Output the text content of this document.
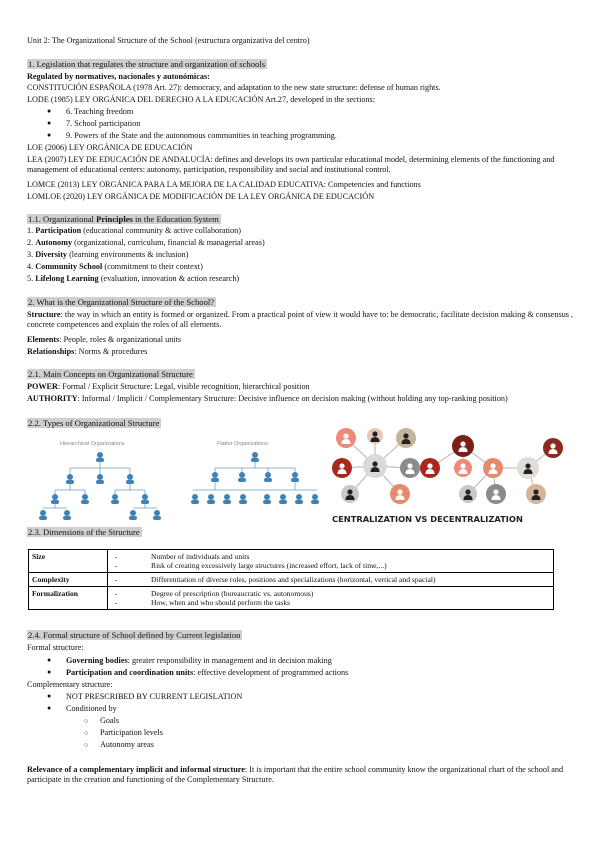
Unit 2: The Organizational Structure of the School (estructura organizativa del centro)
1. Legislation that regulates the structure and organization of schools
Regulated by normatives, nacionales y autonómicas:
CONSTITUCIÓN ESPAÑOLA (1978 Art. 27): democracy, and adaptation to the new state structure: defense of human rights.
LODE (1985) LEY ORGÁNICA DEL DERECHO A LA EDUCACIÓN Art.27, developed in the sections:
● 6. Teaching freedom
● 7. School participation
● 9. Powers of the State and the autonomous communities in teaching programming.
LOE (2006) LEY ORGÁNICA DE EDUCACIÓN
LEA (2007) LEY DE EDUCACIÓN DE ANDALUCÍA: defines and develops its own particular educational model, determining elements of the functioning and management of educational centers: autonomy, participation, responsibility and social and institutional control.
LOMCE (2013) LEY ORGÁNICA PARA LA MEJORA DE LA CALIDAD EDUCATIVA: Competencies and functions
LOMLOE (2020) LEY ORGÁNICA DE MODIFICACIÓN DE LA LEY ORGÁNICA DE EDUCACIÓN
1.1. Organizational Principles in the Education System
1. Participation (educational community & active collaboration)
2. Autonomy (organizational, curriculum, financial & managerial areas)
3. Diversity (learning environments & inclusion)
4. Community School (commitment to their context)
5. Lifelong Learning (evaluation, innovation & action research)
2. What is the Organizational Structure of the School?
Structure: the way in which an entity is formed or organized. From a practical point of view it would have to: be democratic, facilitate decision making & consensus , concrete competences and explain the roles of all elements.
Elements: People, roles & organizational units
Relationships: Norms & procedures
2.1. Main Concepts on Organizational Structure
POWER: Formal / Explicit Structure: Legal, visible recognition, hierarchical position
AUTHORITY: Informal / Implicit / Complementary Structure: Decisive influence on decision making (without holding any top-ranking position)
2.2. Types of Organizational Structure
Hierarchical Organizations	Flatter Organizations
CENTRALIZATION VS DECENTRALIZATION
2.3. Dimensions of the Structure
Size	- Number of individuals and units
- Risk of creating excessively large structures (increased effort, lack of time,...)

Complexity	- Differentiation of diverse roles, positions and specializations (horizontal, vertical and spacial)

Formalization	- Degree of prescription (bureaucratic vs. autonomous)
- How, when and who should perform the tasks
2.4. Formal structure of School defined by Current legislation
Formal structure:
● Governing bodies: greater responsibility in management and in decision making
● Participation and coordination units: effective development of programmed actions
Complementary structure:
● NOT PRESCRIBED BY CURRENT LEGISLATION
● Conditioned by
○ Goals
○ Participation levels
○ Autonomy areas
Relevance of a complementary implicit and informal structure: It is important that the entire school community know the organizational chart of the school and participate in the creation and functioning of the Complementary Structure.
